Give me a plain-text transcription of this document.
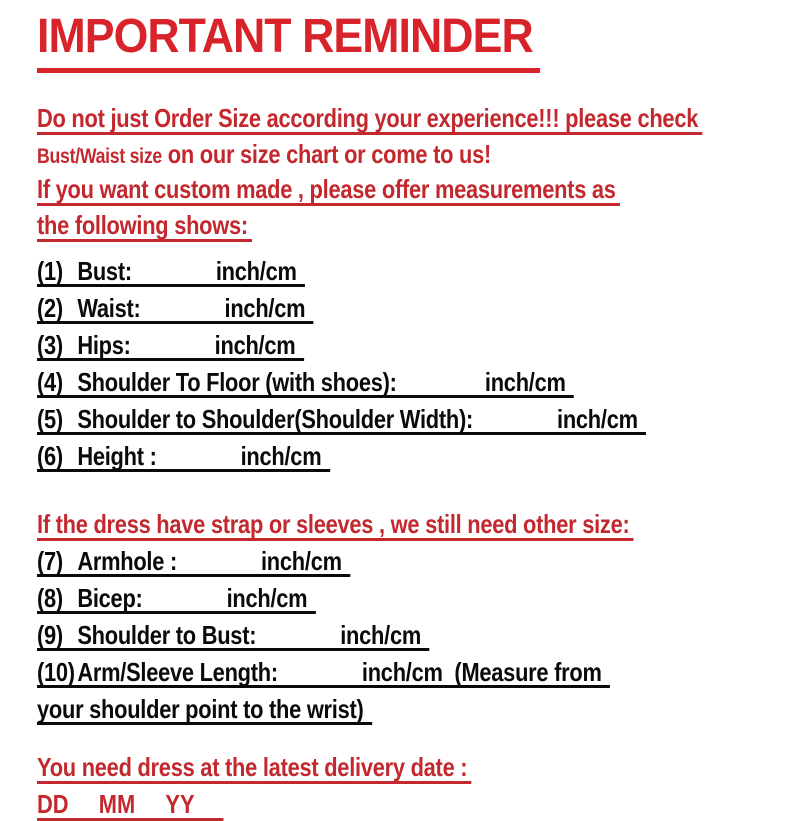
IMPORTANT REMINDER
Do not just Order Size according your experience!!! please check
Bust/Waist size on our size chart or come to us!
If you want custom made , please offer measurements as
the following shows:
(1) Bust:	inch/cm
(2) Waist:	inch/cm
(3) Hips:	inch/cm
(4) Shoulder To Floor (with shoes):	inch/cm
(5) Shoulder to Shoulder(Shoulder Width):	inch/cm
(6) Height :	inch/cm
If the dress have strap or sleeves , we still need other size:
(7) Armhole :	inch/cm
(8) Bicep:	inch/cm
(9) Shoulder to Bust:	inch/cm
(10)Arm/Sleeve Length:	inch/cm (Measure from
your shoulder point to the wrist)
You need dress at the latest delivery date :
DD MM YY
